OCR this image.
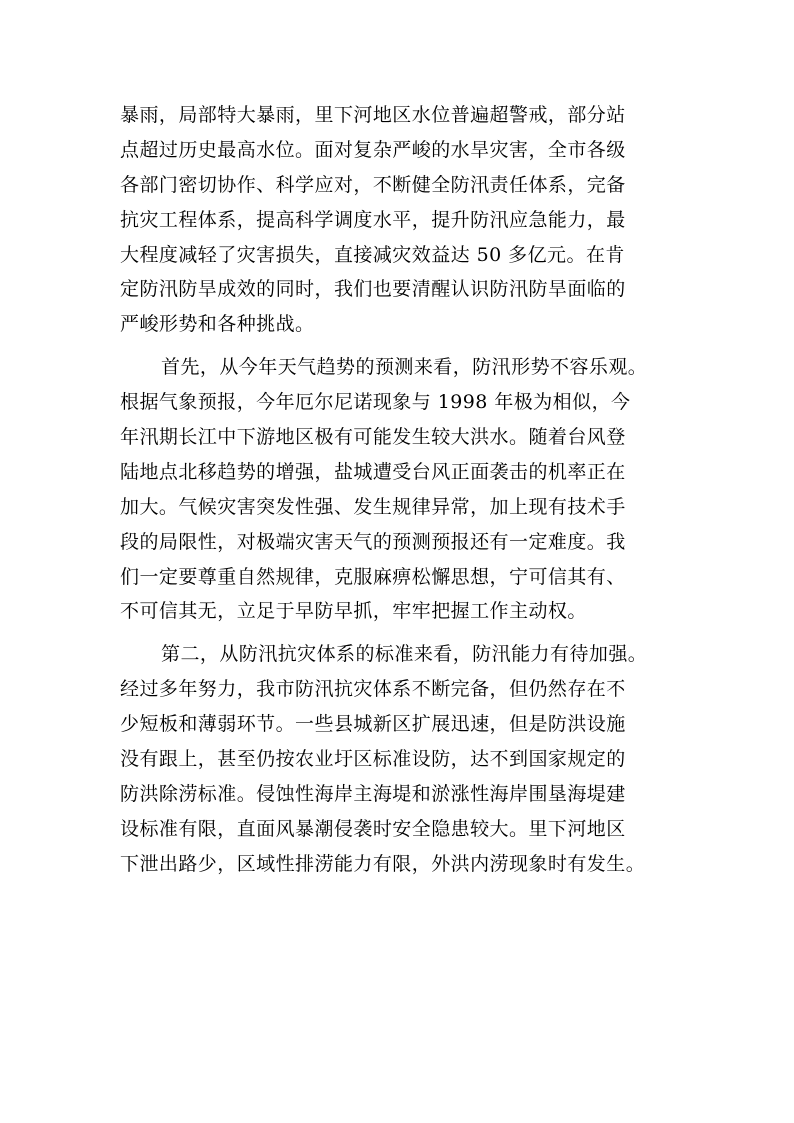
暴雨，局部特大暴雨，里下河地区水位普遍超警戒，部分站
点超过历史最高水位。面对复杂严峻的水旱灾害，全市各级
各部门密切协作、科学应对，不断健全防汛责任体系，完备
抗灾工程体系，提高科学调度水平，提升防汛应急能力，最
大程度减轻了灾害损失，直接减灾效益达 50 多亿元。在肯
定防汛防旱成效的同时，我们也要清醒认识防汛防旱面临的
严峻形势和各种挑战。
首先，从今年天气趋势的预测来看，防汛形势不容乐观。
根据气象预报，今年厄尔尼诺现象与 1998 年极为相似，今
年汛期长江中下游地区极有可能发生较大洪水。随着台风登
陆地点北移趋势的增强，盐城遭受台风正面袭击的机率正在
加大。气候灾害突发性强、发生规律异常，加上现有技术手
段的局限性，对极端灾害天气的预测预报还有一定难度。我
们一定要尊重自然规律，克服麻痹松懈思想，宁可信其有、
不可信其无，立足于早防早抓，牢牢把握工作主动权。
第二，从防汛抗灾体系的标准来看，防汛能力有待加强。
经过多年努力，我市防汛抗灾体系不断完备，但仍然存在不
少短板和薄弱环节。一些县城新区扩展迅速，但是防洪设施
没有跟上，甚至仍按农业圩区标准设防，达不到国家规定的
防洪除涝标准。侵蚀性海岸主海堤和淤涨性海岸围垦海堤建
设标准有限，直面风暴潮侵袭时安全隐患较大。里下河地区
下泄出路少，区域性排涝能力有限，外洪内涝现象时有发生。
